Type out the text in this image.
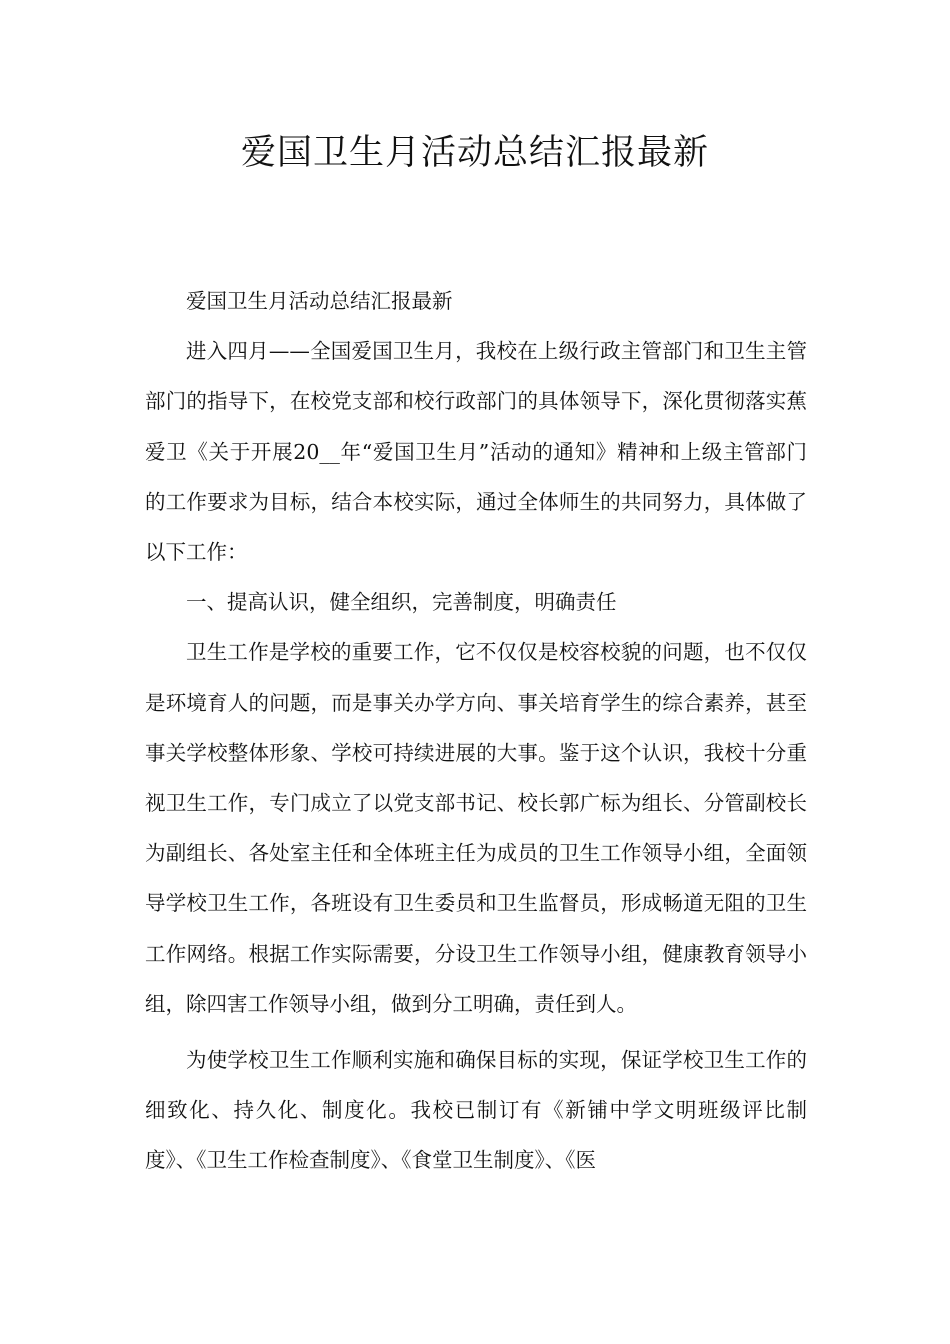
爱国卫生月活动总结汇报最新

爱国卫生月活动总结汇报最新

进入四月——全国爱国卫生月，我校在上级行政主管部门和卫生主管部门的指导下，在校党支部和校行政部门的具体领导下，深化贯彻落实蕉爱卫《关于开展20__年“爱国卫生月”活动的通知》精神和上级主管部门的工作要求为目标，结合本校实际，通过全体师生的共同努力，具体做了以下工作：

一、提高认识，健全组织，完善制度，明确责任

卫生工作是学校的重要工作，它不仅仅是校容校貌的问题，也不仅仅是环境育人的问题，而是事关办学方向、事关培育学生的综合素养，甚至事关学校整体形象、学校可持续进展的大事。鉴于这个认识，我校十分重视卫生工作，专门成立了以党支部书记、校长郭广标为组长、分管副校长为副组长、各处室主任和全体班主任为成员的卫生工作领导小组，全面领导学校卫生工作，各班设有卫生委员和卫生监督员，形成畅道无阻的卫生工作网络。根据工作实际需要，分设卫生工作领导小组，健康教育领导小组，除四害工作领导小组，做到分工明确，责任到人。

为使学校卫生工作顺利实施和确保目标的实现，保证学校卫生工作的细致化、持久化、制度化。我校已制订有《新铺中学文明班级评比制度》、《卫生工作检查制度》、《食堂卫生制度》、《医
